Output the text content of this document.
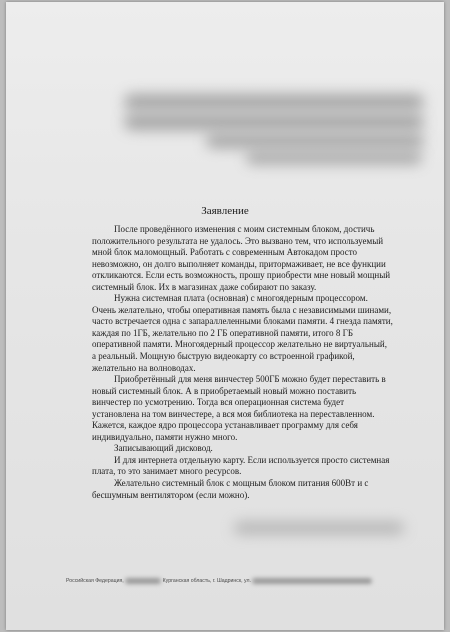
Заявление
После проведённого изменения с моим системным блоком, достичь
положительного результата не удалось. Это вызвано тем, что используемый
мной блок маломощный. Работать с современным Автокадом просто
невозможно, он долго выполняет команды, притормаживает, не все функции
откликаются. Если есть возможность, прошу приобрести мне новый мощный
системный блок. Их в магазинах даже собирают по заказу.
Нужна системная плата (основная) с многоядерным процессором.
Очень желательно, чтобы оперативная память была с независимыми шинами,
часто встречается одна с запараллеленными блоками памяти. 4 гнезда памяти,
каждая по 1ГБ, желательно по 2 ГБ оперативной памяти, итого 8 ГБ
оперативной памяти. Многоядерный процессор желательно не виртуальный,
а реальный. Мощную быструю видеокарту со встроенной графикой,
желательно на волноводах.
Приобретённый для меня винчестер 500ГБ можно будет переставить в
новый системный блок. А в приобретаемый новый можно поставить
винчестер по усмотрению. Тогда вся операционная система будет
установлена на том винчестере, а вся моя библиотека на переставленном.
Кажется, каждое ядро процессора устанавливает программу для себя
индивидуально, памяти нужно много.
Записывающий дисковод.
И для интернета отдельную карту. Если используется просто системная
плата, то это занимает много ресурсов.
Желательно системный блок с мощным блоком питания 600Вт и с
бесшумным вентилятором (если можно).
Российская Федерация,	Курганская область, г. Шадринск, ул.
